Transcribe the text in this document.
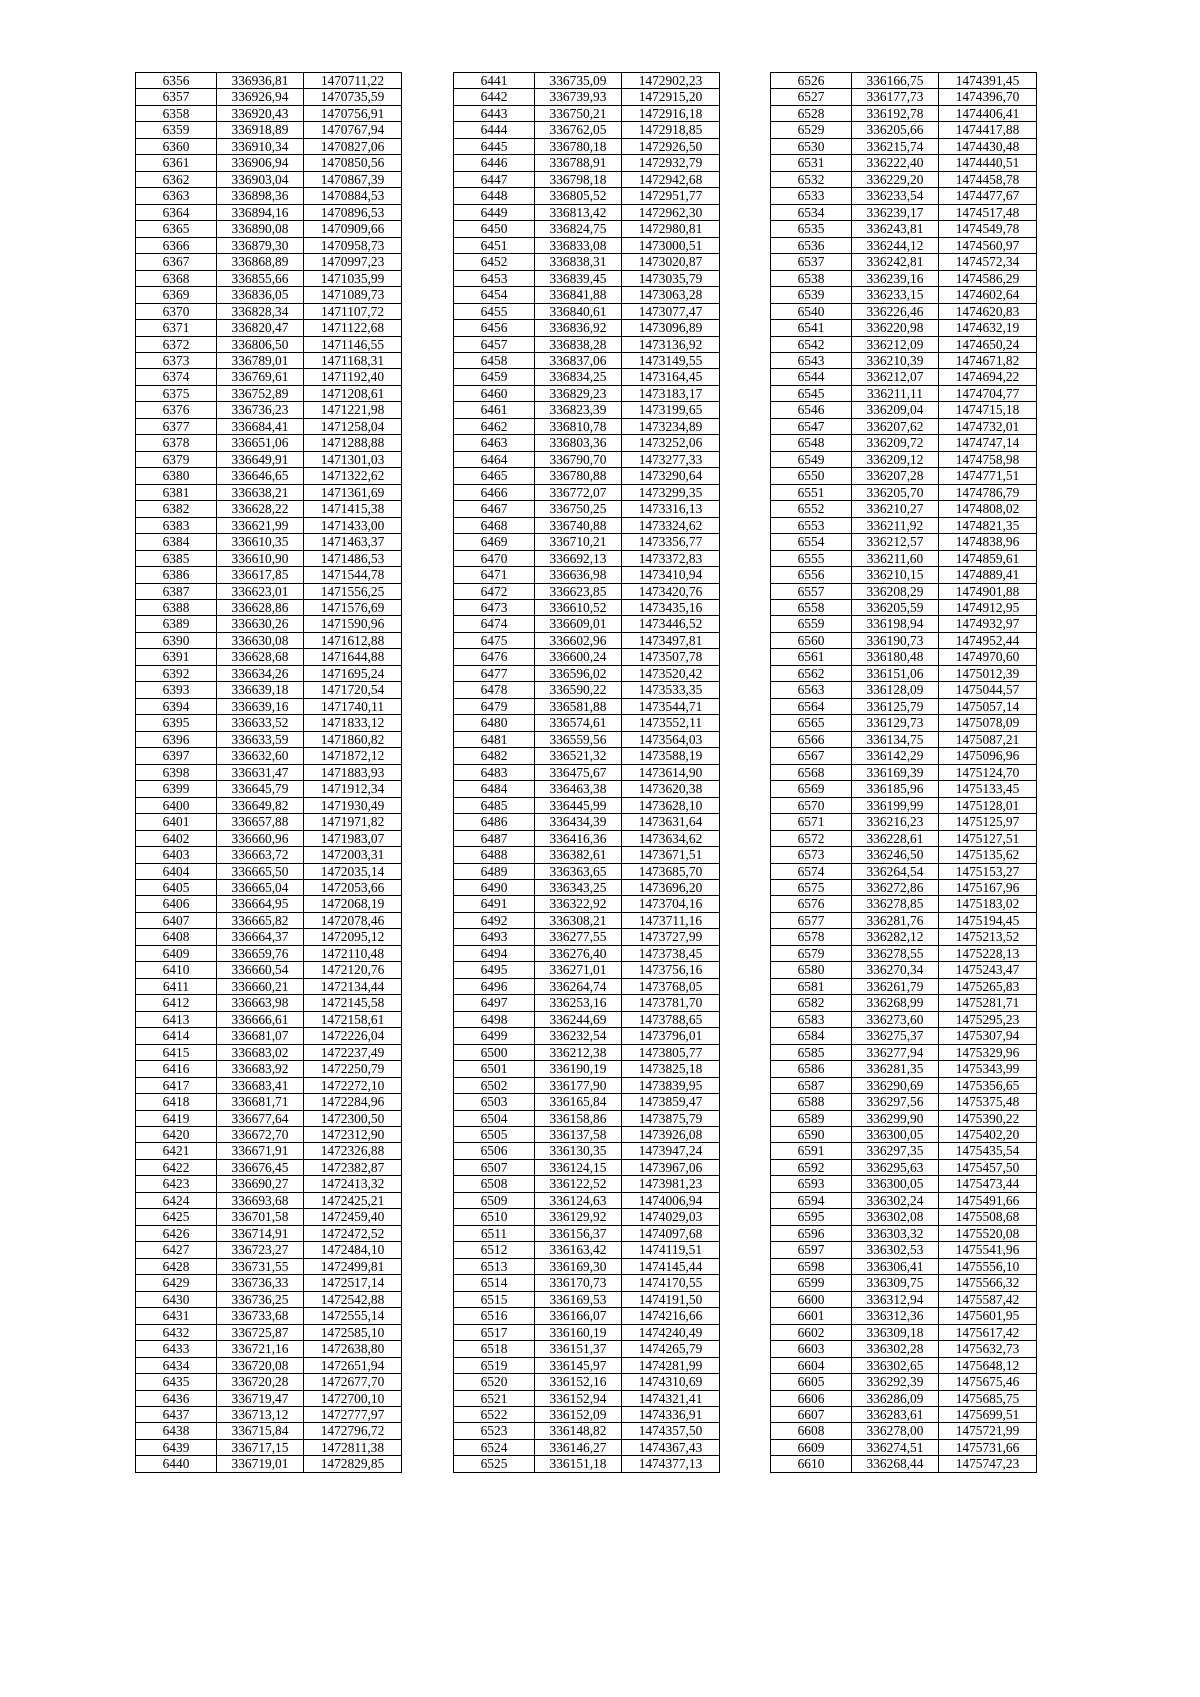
6356	336936,81	1470711,22
6357	336926,94	1470735,59
6358	336920,43	1470756,91
6359	336918,89	1470767,94
6360	336910,34	1470827,06
6361	336906,94	1470850,56
6362	336903,04	1470867,39
6363	336898,36	1470884,53
6364	336894,16	1470896,53
6365	336890,08	1470909,66
6366	336879,30	1470958,73
6367	336868,89	1470997,23
6368	336855,66	1471035,99
6369	336836,05	1471089,73
6370	336828,34	1471107,72
6371	336820,47	1471122,68
6372	336806,50	1471146,55
6373	336789,01	1471168,31
6374	336769,61	1471192,40
6375	336752,89	1471208,61
6376	336736,23	1471221,98
6377	336684,41	1471258,04
6378	336651,06	1471288,88
6379	336649,91	1471301,03
6380	336646,65	1471322,62
6381	336638,21	1471361,69
6382	336628,22	1471415,38
6383	336621,99	1471433,00
6384	336610,35	1471463,37
6385	336610,90	1471486,53
6386	336617,85	1471544,78
6387	336623,01	1471556,25
6388	336628,86	1471576,69
6389	336630,26	1471590,96
6390	336630,08	1471612,88
6391	336628,68	1471644,88
6392	336634,26	1471695,24
6393	336639,18	1471720,54
6394	336639,16	1471740,11
6395	336633,52	1471833,12
6396	336633,59	1471860,82
6397	336632,60	1471872,12
6398	336631,47	1471883,93
6399	336645,79	1471912,34
6400	336649,82	1471930,49
6401	336657,88	1471971,82
6402	336660,96	1471983,07
6403	336663,72	1472003,31
6404	336665,50	1472035,14
6405	336665,04	1472053,66
6406	336664,95	1472068,19
6407	336665,82	1472078,46
6408	336664,37	1472095,12
6409	336659,76	1472110,48
6410	336660,54	1472120,76
6411	336660,21	1472134,44
6412	336663,98	1472145,58
6413	336666,61	1472158,61
6414	336681,07	1472226,04
6415	336683,02	1472237,49
6416	336683,92	1472250,79
6417	336683,41	1472272,10
6418	336681,71	1472284,96
6419	336677,64	1472300,50
6420	336672,70	1472312,90
6421	336671,91	1472326,88
6422	336676,45	1472382,87
6423	336690,27	1472413,32
6424	336693,68	1472425,21
6425	336701,58	1472459,40
6426	336714,91	1472472,52
6427	336723,27	1472484,10
6428	336731,55	1472499,81
6429	336736,33	1472517,14
6430	336736,25	1472542,88
6431	336733,68	1472555,14
6432	336725,87	1472585,10
6433	336721,16	1472638,80
6434	336720,08	1472651,94
6435	336720,28	1472677,70
6436	336719,47	1472700,10
6437	336713,12	1472777,97
6438	336715,84	1472796,72
6439	336717,15	1472811,38
6440	336719,01	1472829,85
6441	336735,09	1472902,23
6442	336739,93	1472915,20
6443	336750,21	1472916,18
6444	336762,05	1472918,85
6445	336780,18	1472926,50
6446	336788,91	1472932,79
6447	336798,18	1472942,68
6448	336805,52	1472951,77
6449	336813,42	1472962,30
6450	336824,75	1472980,81
6451	336833,08	1473000,51
6452	336838,31	1473020,87
6453	336839,45	1473035,79
6454	336841,88	1473063,28
6455	336840,61	1473077,47
6456	336836,92	1473096,89
6457	336838,28	1473136,92
6458	336837,06	1473149,55
6459	336834,25	1473164,45
6460	336829,23	1473183,17
6461	336823,39	1473199,65
6462	336810,78	1473234,89
6463	336803,36	1473252,06
6464	336790,70	1473277,33
6465	336780,88	1473290,64
6466	336772,07	1473299,35
6467	336750,25	1473316,13
6468	336740,88	1473324,62
6469	336710,21	1473356,77
6470	336692,13	1473372,83
6471	336636,98	1473410,94
6472	336623,85	1473420,76
6473	336610,52	1473435,16
6474	336609,01	1473446,52
6475	336602,96	1473497,81
6476	336600,24	1473507,78
6477	336596,02	1473520,42
6478	336590,22	1473533,35
6479	336581,88	1473544,71
6480	336574,61	1473552,11
6481	336559,56	1473564,03
6482	336521,32	1473588,19
6483	336475,67	1473614,90
6484	336463,38	1473620,38
6485	336445,99	1473628,10
6486	336434,39	1473631,64
6487	336416,36	1473634,62
6488	336382,61	1473671,51
6489	336363,65	1473685,70
6490	336343,25	1473696,20
6491	336322,92	1473704,16
6492	336308,21	1473711,16
6493	336277,55	1473727,99
6494	336276,40	1473738,45
6495	336271,01	1473756,16
6496	336264,74	1473768,05
6497	336253,16	1473781,70
6498	336244,69	1473788,65
6499	336232,54	1473796,01
6500	336212,38	1473805,77
6501	336190,19	1473825,18
6502	336177,90	1473839,95
6503	336165,84	1473859,47
6504	336158,86	1473875,79
6505	336137,58	1473926,08
6506	336130,35	1473947,24
6507	336124,15	1473967,06
6508	336122,52	1473981,23
6509	336124,63	1474006,94
6510	336129,92	1474029,03
6511	336156,37	1474097,68
6512	336163,42	1474119,51
6513	336169,30	1474145,44
6514	336170,73	1474170,55
6515	336169,53	1474191,50
6516	336166,07	1474216,66
6517	336160,19	1474240,49
6518	336151,37	1474265,79
6519	336145,97	1474281,99
6520	336152,16	1474310,69
6521	336152,94	1474321,41
6522	336152,09	1474336,91
6523	336148,82	1474357,50
6524	336146,27	1474367,43
6525	336151,18	1474377,13
6526	336166,75	1474391,45
6527	336177,73	1474396,70
6528	336192,78	1474406,41
6529	336205,66	1474417,88
6530	336215,74	1474430,48
6531	336222,40	1474440,51
6532	336229,20	1474458,78
6533	336233,54	1474477,67
6534	336239,17	1474517,48
6535	336243,81	1474549,78
6536	336244,12	1474560,97
6537	336242,81	1474572,34
6538	336239,16	1474586,29
6539	336233,15	1474602,64
6540	336226,46	1474620,83
6541	336220,98	1474632,19
6542	336212,09	1474650,24
6543	336210,39	1474671,82
6544	336212,07	1474694,22
6545	336211,11	1474704,77
6546	336209,04	1474715,18
6547	336207,62	1474732,01
6548	336209,72	1474747,14
6549	336209,12	1474758,98
6550	336207,28	1474771,51
6551	336205,70	1474786,79
6552	336210,27	1474808,02
6553	336211,92	1474821,35
6554	336212,57	1474838,96
6555	336211,60	1474859,61
6556	336210,15	1474889,41
6557	336208,29	1474901,88
6558	336205,59	1474912,95
6559	336198,94	1474932,97
6560	336190,73	1474952,44
6561	336180,48	1474970,60
6562	336151,06	1475012,39
6563	336128,09	1475044,57
6564	336125,79	1475057,14
6565	336129,73	1475078,09
6566	336134,75	1475087,21
6567	336142,29	1475096,96
6568	336169,39	1475124,70
6569	336185,96	1475133,45
6570	336199,99	1475128,01
6571	336216,23	1475125,97
6572	336228,61	1475127,51
6573	336246,50	1475135,62
6574	336264,54	1475153,27
6575	336272,86	1475167,96
6576	336278,85	1475183,02
6577	336281,76	1475194,45
6578	336282,12	1475213,52
6579	336278,55	1475228,13
6580	336270,34	1475243,47
6581	336261,79	1475265,83
6582	336268,99	1475281,71
6583	336273,60	1475295,23
6584	336275,37	1475307,94
6585	336277,94	1475329,96
6586	336281,35	1475343,99
6587	336290,69	1475356,65
6588	336297,56	1475375,48
6589	336299,90	1475390,22
6590	336300,05	1475402,20
6591	336297,35	1475435,54
6592	336295,63	1475457,50
6593	336300,05	1475473,44
6594	336302,24	1475491,66
6595	336302,08	1475508,68
6596	336303,32	1475520,08
6597	336302,53	1475541,96
6598	336306,41	1475556,10
6599	336309,75	1475566,32
6600	336312,94	1475587,42
6601	336312,36	1475601,95
6602	336309,18	1475617,42
6603	336302,28	1475632,73
6604	336302,65	1475648,12
6605	336292,39	1475675,46
6606	336286,09	1475685,75
6607	336283,61	1475699,51
6608	336278,00	1475721,99
6609	336274,51	1475731,66
6610	336268,44	1475747,23
